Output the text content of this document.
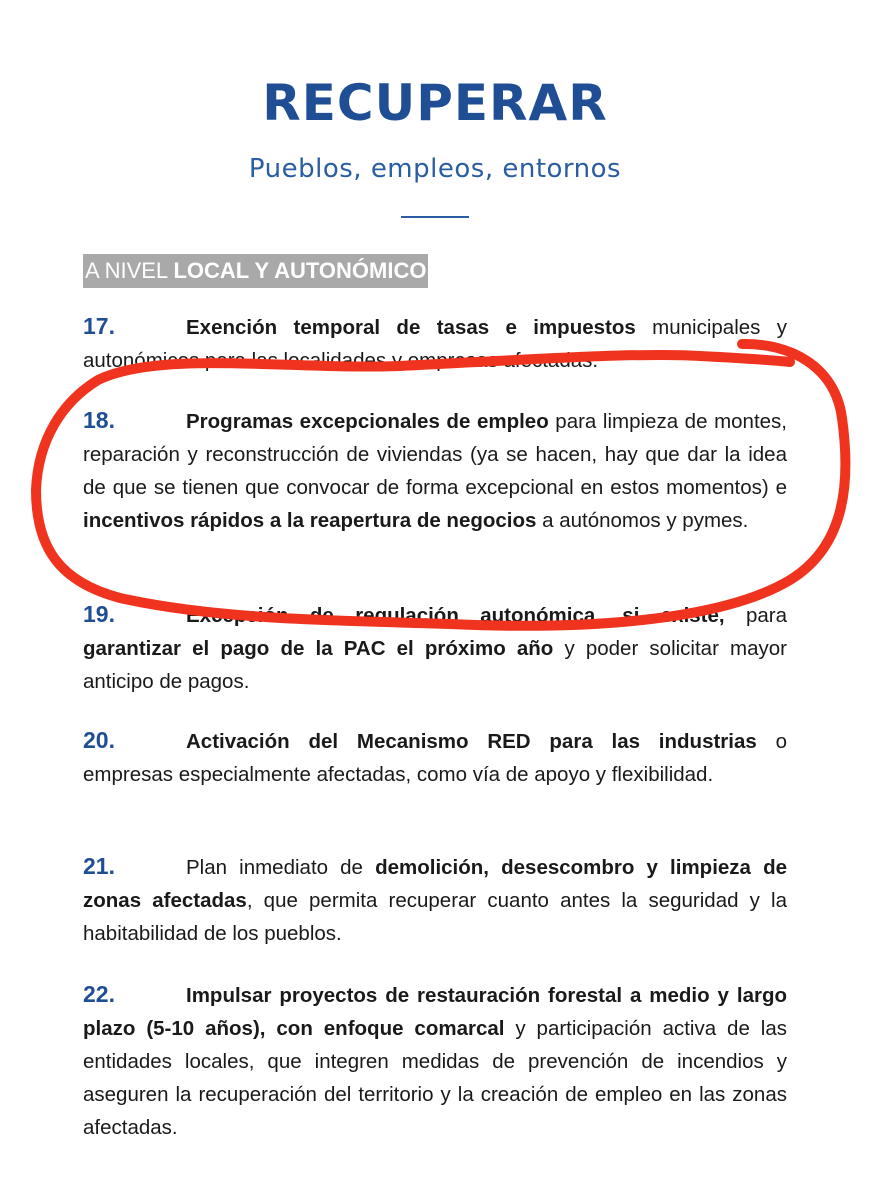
RECUPERAR
Pueblos, empleos, entornos
A NIVEL LOCAL Y AUTONÓMICO

17.	Exención temporal de tasas e impuestos municipales y autonómicos para las localidades y empresas afectadas.

18.	Programas excepcionales de empleo para limpieza de montes, reparación y reconstrucción de viviendas (ya se hacen, hay que dar la idea de que se tienen que convocar de forma excepcional en estos momentos) e incentivos rápidos a la reapertura de negocios a autónomos y pymes.

19.	Excepción de regulación autonómica, si existe, para garantizar el pago de la PAC el próximo año y poder solicitar mayor anticipo de pagos.

20.	Activación del Mecanismo RED para las industrias o empresas especialmente afectadas, como vía de apoyo y flexibilidad.

21.	Plan inmediato de demolición, desescombro y limpieza de zonas afectadas, que permita recuperar cuanto antes la seguridad y la habitabilidad de los pueblos.

22.	Impulsar proyectos de restauración forestal a medio y largo plazo (5-10 años), con enfoque comarcal y participación activa de las entidades locales, que integren medidas de prevención de incendios y aseguren la recuperación del territorio y la creación de empleo en las zonas afectadas.
